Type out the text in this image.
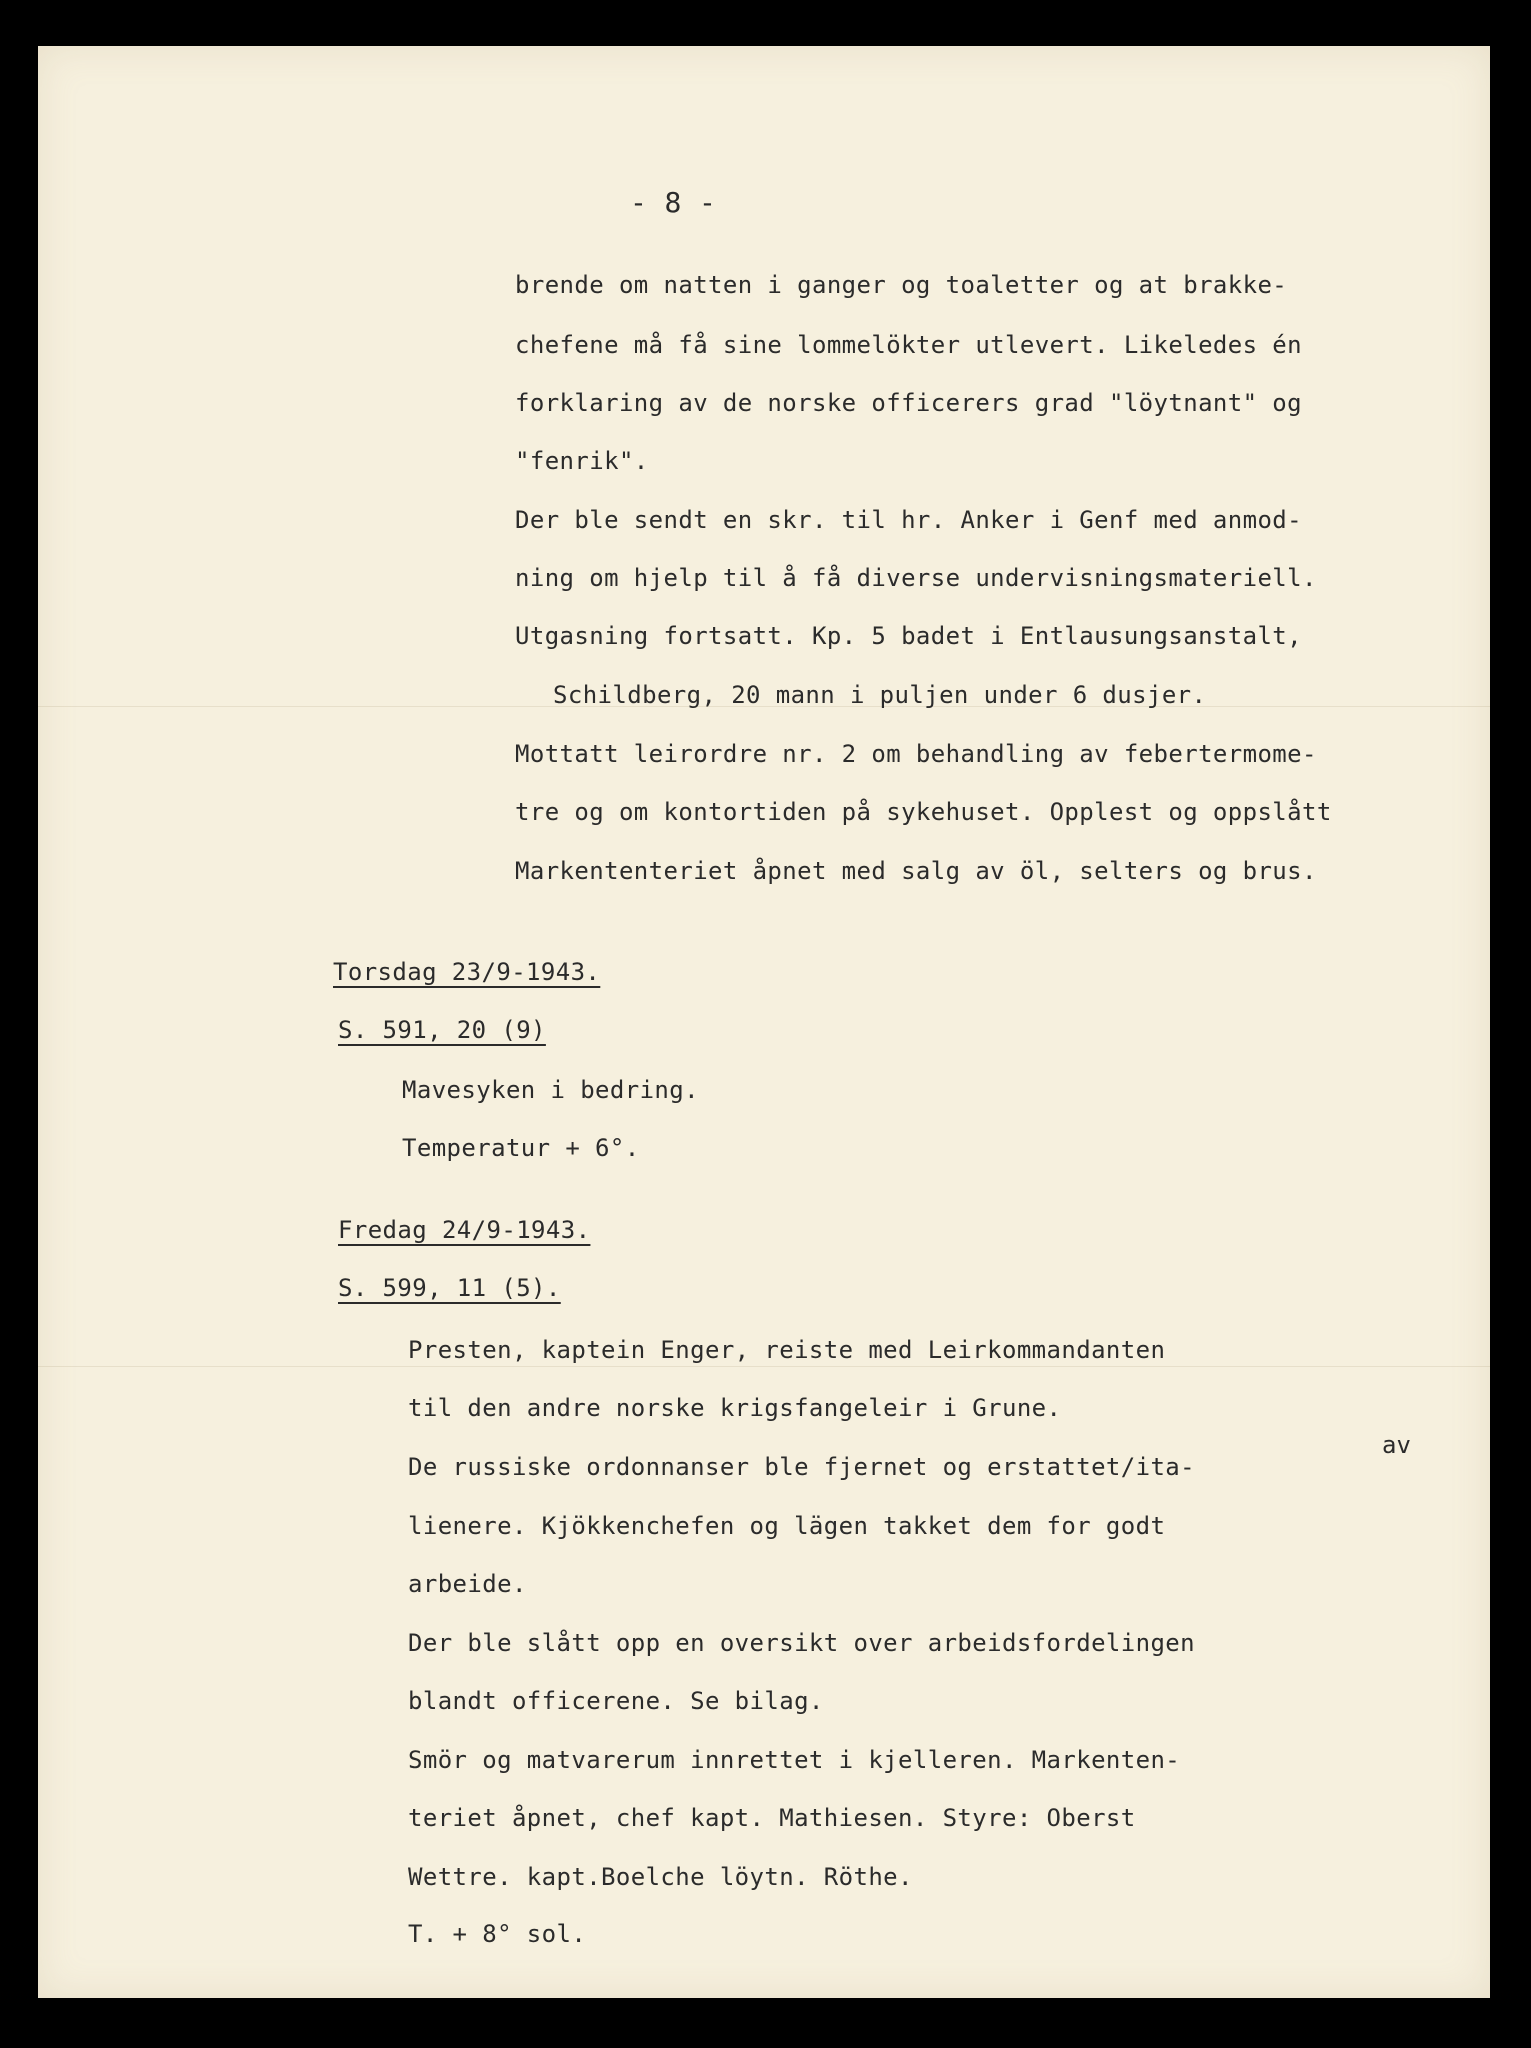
- 8 -
brende om natten i ganger og toaletter og at brakke-
chefene må få sine lommelökter utlevert. Likeledes én
forklaring av de norske officerers grad "löytnant" og
"fenrik".
Der ble sendt en skr. til hr. Anker i Genf med anmod-
ning om hjelp til å få diverse undervisningsmateriell.
Utgasning fortsatt. Kp. 5 badet i Entlausungsanstalt,
Schildberg, 20 mann i puljen under 6 dusjer.
Mottatt leirordre nr. 2 om behandling av febertermome-
tre og om kontortiden på sykehuset. Opplest og oppslått
Markententeriet åpnet med salg av öl, selters og brus.
Torsdag 23/9-1943.
S. 591, 20 (9)
Mavesyken i bedring.
Temperatur + 6°.
Fredag 24/9-1943.
S. 599, 11 (5).
Presten, kaptein Enger, reiste med Leirkommandanten
til den andre norske krigsfangeleir i Grune.
av
De russiske ordonnanser ble fjernet og erstattet/ita-
lienere. Kjökkenchefen og lägen takket dem for godt
arbeide.
Der ble slått opp en oversikt over arbeidsfordelingen
blandt officerene. Se bilag.
Smör og matvarerum innrettet i kjelleren. Markenten-
teriet åpnet, chef kapt. Mathiesen. Styre: Oberst
Wettre. kapt.Boelche löytn. Röthe.
T. + 8° sol.
